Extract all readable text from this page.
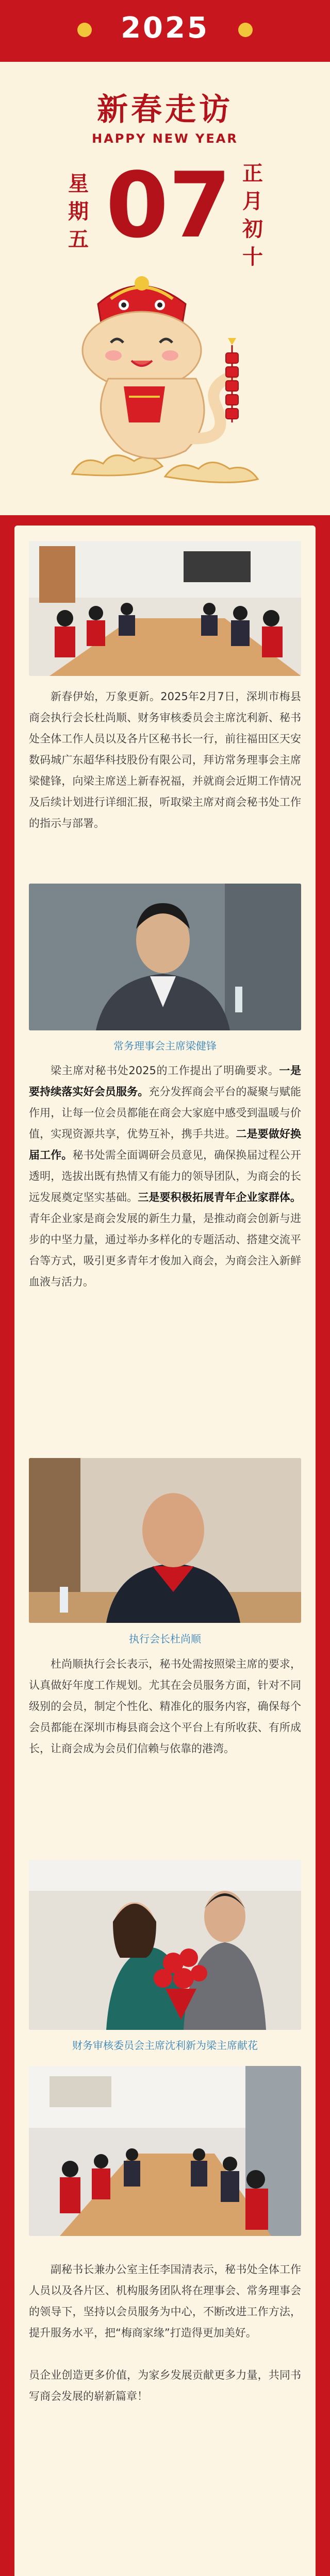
2025
新春走访
HAPPY NEW YEAR
星
期
五 07 正
月
初
十

新春伊始，万象更新。2025年2月7日，深圳市梅县商会执行会长杜尚顺、财务审核委员会主席沈利新、秘书处全体工作人员以及各片区秘书长一行，前往福田区天安数码城广东超华科技股份有限公司，拜访常务理事会主席梁健锋，向梁主席送上新春祝福，并就商会近期工作情况及后续计划进行详细汇报，听取梁主席对商会秘书处工作的指示与部署。

常务理事会主席梁健锋

梁主席对秘书处2025的工作提出了明确要求。一是要持续落实好会员服务。充分发挥商会平台的凝聚与赋能作用，让每一位会员都能在商会大家庭中感受到温暖与价值，实现资源共享，优势互补，携手共进。二是要做好换届工作。秘书处需全面调研会员意见，确保换届过程公开透明，选拔出既有热情又有能力的领导团队，为商会的长远发展奠定坚实基础。三是要积极拓展青年企业家群体。青年企业家是商会发展的新生力量，是推动商会创新与进步的中坚力量，通过举办多样化的专题活动、搭建交流平台等方式，吸引更多青年才俊加入商会，为商会注入新鲜血液与活力。

执行会长杜尚顺

杜尚顺执行会长表示，秘书处需按照梁主席的要求，认真做好年度工作规划。尤其在会员服务方面，针对不同级别的会员，制定个性化、精准化的服务内容，确保每个会员都能在深圳市梅县商会这个平台上有所收获、有所成长，让商会成为会员们信赖与依靠的港湾。

财务审核委员会主席沈利新为梁主席献花

副秘书长兼办公室主任李国清表示，秘书处全体工作人员以及各片区、机构服务团队将在理事会、常务理事会的领导下，坚持以会员服务为中心，不断改进工作方法，提升服务水平，把“梅商家缘”打造得更加美好。

员企业创造更多价值，为家乡发展贡献更多力量，共同书写商会发展的崭新篇章！
